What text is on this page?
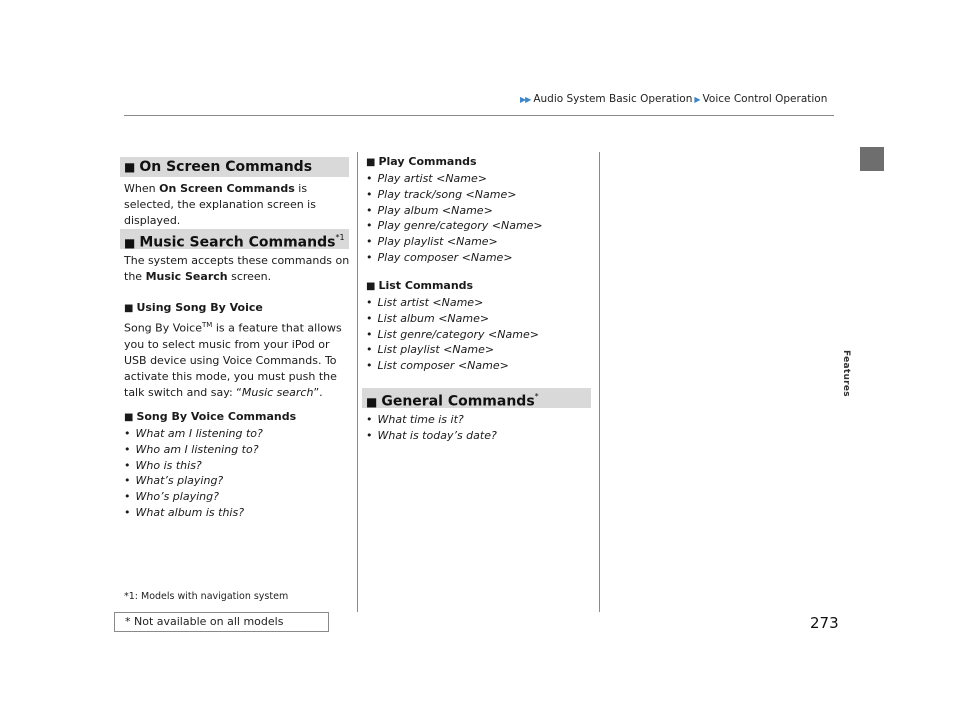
▶▶ Audio System Basic Operation ▶ Voice Control Operation
Features
■ On Screen Commands
When On Screen Commands is selected, the explanation screen is displayed.
■ Music Search Commands$^{*1}$
The system accepts these commands on the Music Search screen.
■ Using Song By Voice
Song By Voice™ is a feature that allows you to select music from your iPod or USB device using Voice Commands. To activate this mode, you must push the talk switch and say: “Music search”.
■ Song By Voice Commands
• What am I listening to?
• Who am I listening to?
• Who is this?
• What’s playing?
• Who’s playing?
• What album is this?
*1: Models with navigation system
■ Play Commands
• Play artist <Name>
• Play track/song <Name>
• Play album <Name>
• Play genre/category <Name>
• Play playlist <Name>
• Play composer <Name>
■ List Commands
• List artist <Name>
• List album <Name>
• List genre/category <Name>
• List playlist <Name>
• List composer <Name>
■ General Commands*
• What time is it?
• What is today’s date?
273
* Not available on all models
